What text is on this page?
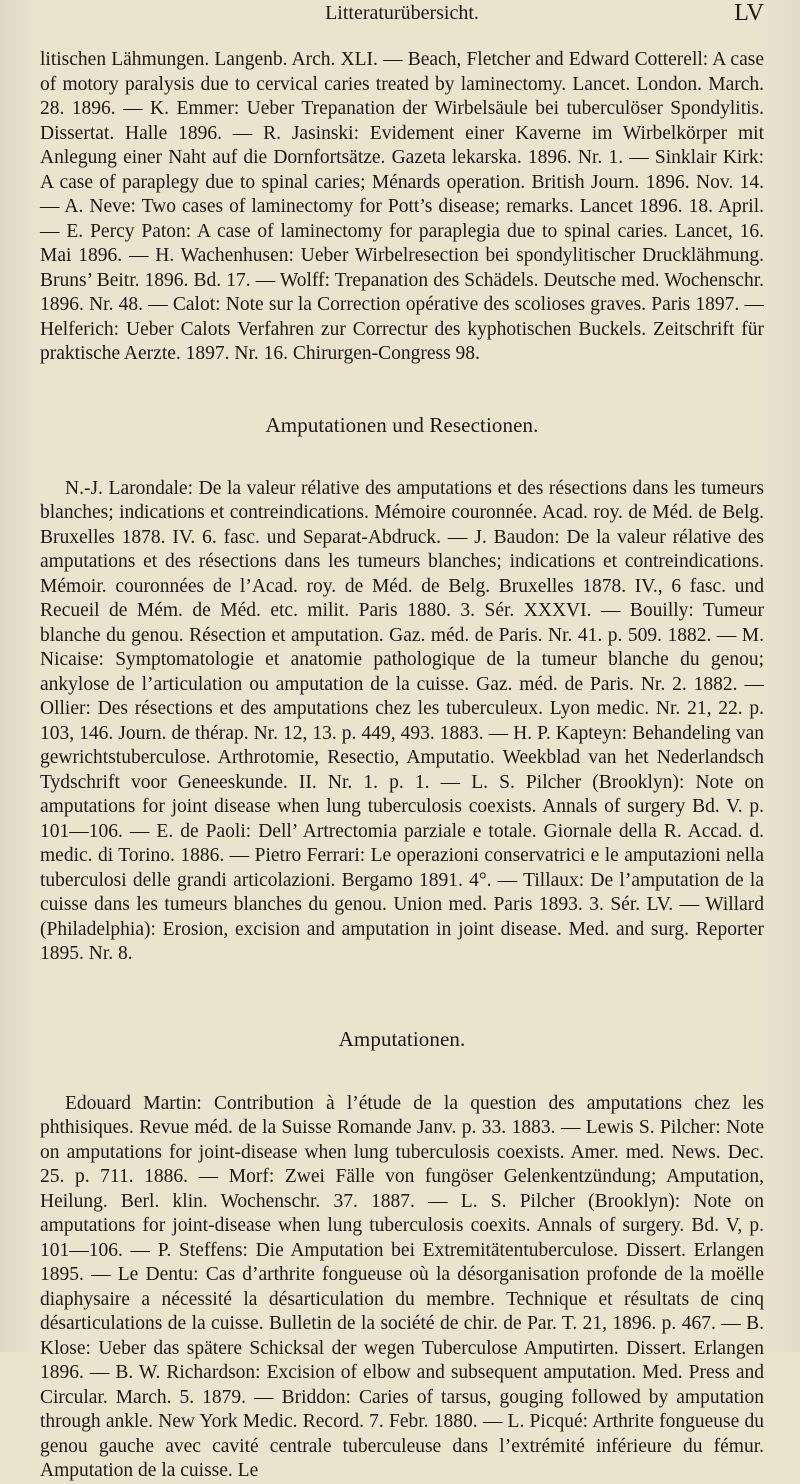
Litteraturübersicht.	LV

litischen Lähmungen. Langenb. Arch. XLI. — Beach, Fletcher and Edward Cotterell: A case of motory paralysis due to cervical caries treated by laminectomy. Lancet. London. March. 28. 1896. — K. Emmer: Ueber Trepanation der Wirbelsäule bei tuberculöser Spondylitis. Dissertat. Halle 1896. — R. Jasinski: Evidement einer Kaverne im Wirbelkörper mit Anlegung einer Naht auf die Dornfortsätze. Gazeta lekarska. 1896. Nr. 1. — Sinklair Kirk: A case of paraplegy due to spinal caries; Ménards operation. British Journ. 1896. Nov. 14. — A. Neve: Two cases of laminectomy for Pott’s disease; remarks. Lancet 1896. 18. April. — E. Percy Paton: A case of laminectomy for paraplegia due to spinal caries. Lancet, 16. Mai 1896. — H. Wachenhusen: Ueber Wirbelresection bei spondylitischer Drucklähmung. Bruns’ Beitr. 1896. Bd. 17. — Wolff: Trepanation des Schädels. Deutsche med. Wochenschr. 1896. Nr. 48. — Calot: Note sur la Correction opérative des scolioses graves. Paris 1897. — Helferich: Ueber Calots Verfahren zur Correctur des kyphotischen Buckels. Zeitschrift für praktische Aerzte. 1897. Nr. 16. Chirurgen-Congress 98.

Amputationen und Resectionen.

N.-J. Larondale: De la valeur rélative des amputations et des résections dans les tumeurs blanches; indications et contreindications. Mémoire couronnée. Acad. roy. de Méd. de Belg. Bruxelles 1878. IV. 6. fasc. und Separat-Abdruck. — J. Baudon: De la valeur rélative des amputations et des résections dans les tumeurs blanches; indications et contreindications. Mémoir. couronnées de l’Acad. roy. de Méd. de Belg. Bruxelles 1878. IV., 6 fasc. und Recueil de Mém. de Méd. etc. milit. Paris 1880. 3. Sér. XXXVI. — Bouilly: Tumeur blanche du genou. Résection et amputation. Gaz. méd. de Paris. Nr. 41. p. 509. 1882. — M. Nicaise: Symptomatologie et anatomie pathologique de la tumeur blanche du genou; ankylose de l’articulation ou amputation de la cuisse. Gaz. méd. de Paris. Nr. 2. 1882. — Ollier: Des résections et des amputations chez les tuberculeux. Lyon medic. Nr. 21, 22. p. 103, 146. Journ. de thérap. Nr. 12, 13. p. 449, 493. 1883. — H. P. Kapteyn: Behandeling van gewrichtstuberculose. Arthrotomie, Resectio, Amputatio. Weekblad van het Nederlandsch Tydschrift voor Geneeskunde. II. Nr. 1. p. 1. — L. S. Pilcher (Brooklyn): Note on amputations for joint disease when lung tuberculosis coexists. Annals of surgery Bd. V. p. 101—106. — E. de Paoli: Dell’ Artrectomia parziale e totale. Giornale della R. Accad. d. medic. di Torino. 1886. — Pietro Ferrari: Le operazioni conservatrici e le amputazioni nella tuberculosi delle grandi articolazioni. Bergamo 1891. 4°. — Tillaux: De l’amputation de la cuisse dans les tumeurs blanches du genou. Union med. Paris 1893. 3. Sér. LV. — Willard (Philadelphia): Erosion, excision and amputation in joint disease. Med. and surg. Reporter 1895. Nr. 8.

Amputationen.

Edouard Martin: Contribution à l’étude de la question des amputations chez les phthisiques. Revue méd. de la Suisse Romande Janv. p. 33. 1883. — Lewis S. Pilcher: Note on amputations for joint-disease when lung tuberculosis coexists. Amer. med. News. Dec. 25. p. 711. 1886. — Morf: Zwei Fälle von fungöser Gelenkentzündung; Amputation, Heilung. Berl. klin. Wochenschr. 37. 1887. — L. S. Pilcher (Brooklyn): Note on amputations for joint-disease when lung tuberculosis coexits. Annals of surgery. Bd. V, p. 101—106. — P. Steffens: Die Amputation bei Extremitätentuberculose. Dissert. Erlangen 1895. — Le Dentu: Cas d’arthrite fongueuse où la désorganisation profonde de la moëlle diaphysaire a nécessité la désarticulation du membre. Technique et résultats de cinq désarticulations de la cuisse. Bulletin de la société de chir. de Par. T. 21, 1896. p. 467. — B. Klose: Ueber das spätere Schicksal der wegen Tuberculose Amputirten. Dissert. Erlangen 1896. — B. W. Richardson: Excision of elbow and subsequent amputation. Med. Press and Circular. March. 5. 1879. — Briddon: Caries of tarsus, gouging followed by amputation through ankle. New York Medic. Record. 7. Febr. 1880. — L. Picqué: Arthrite fongueuse du genou gauche avec cavité centrale tuberculeuse dans l’extrémité inférieure du fémur. Amputation de la cuisse. Le
